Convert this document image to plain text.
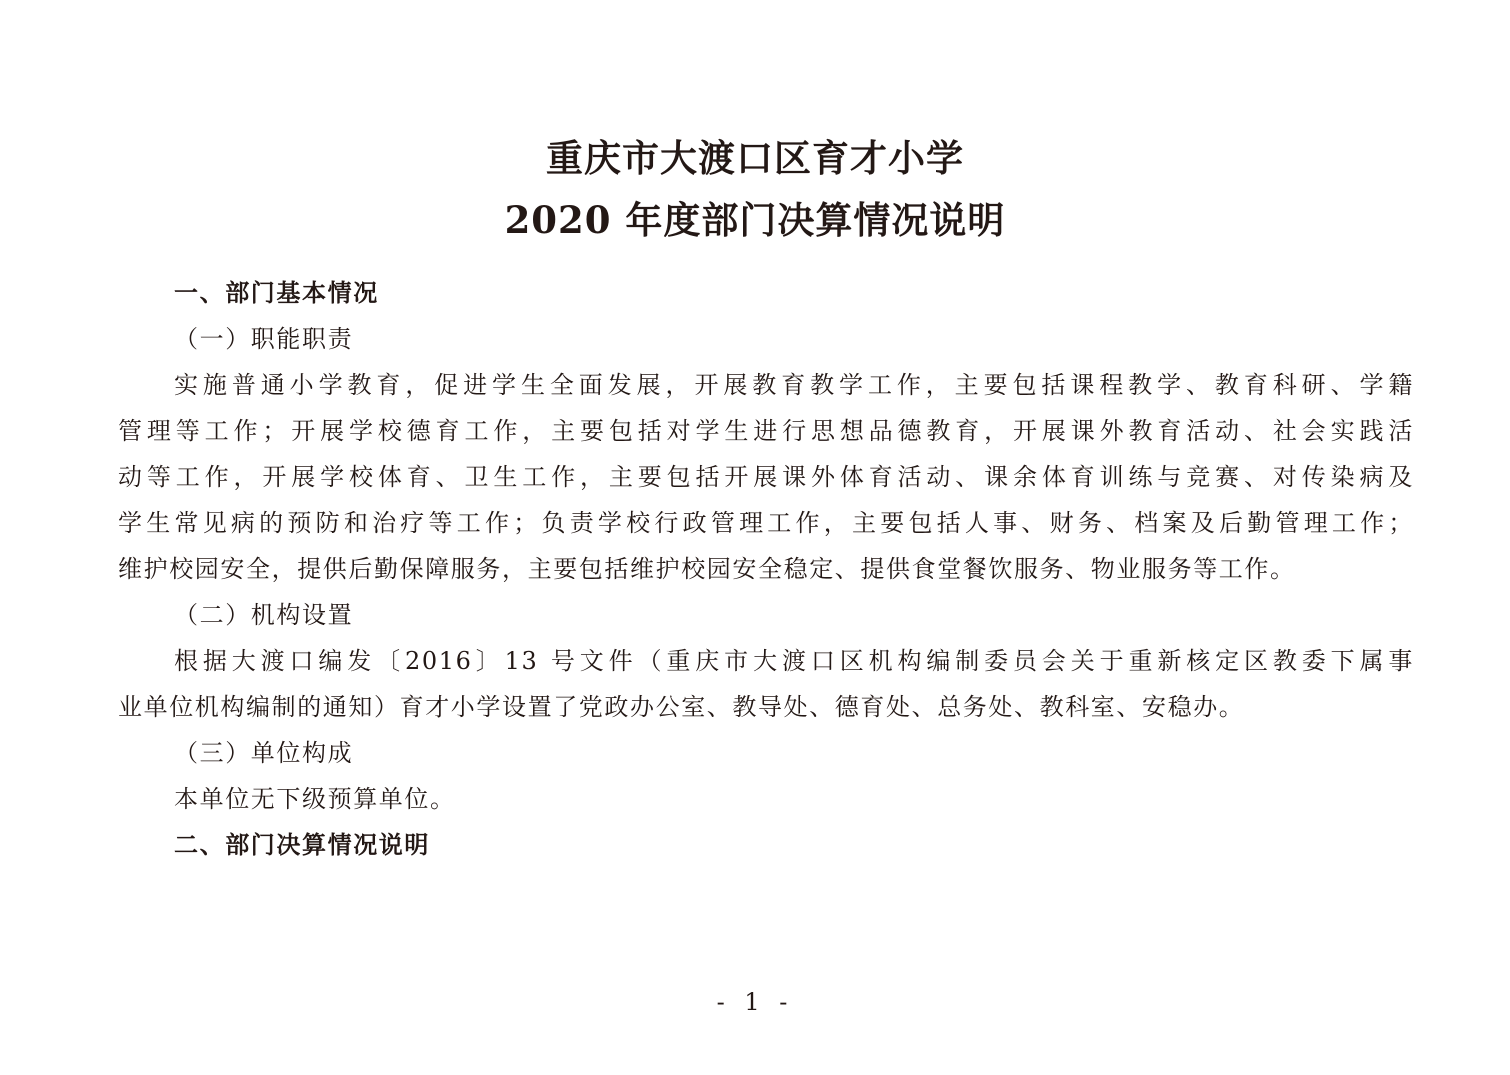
重庆市大渡口区育才小学
2020 年度部门决算情况说明
一、部门基本情况
（一）职能职责
实施普通小学教育，促进学生全面发展，开展教育教学工作，主要包括课程教学、教育科研、学籍
管理等工作；开展学校德育工作，主要包括对学生进行思想品德教育，开展课外教育活动、社会实践活
动等工作，开展学校体育、卫生工作，主要包括开展课外体育活动、课余体育训练与竞赛、对传染病及
学生常见病的预防和治疗等工作；负责学校行政管理工作，主要包括人事、财务、档案及后勤管理工作；
维护校园安全，提供后勤保障服务，主要包括维护校园安全稳定、提供食堂餐饮服务、物业服务等工作。
（二）机构设置
根据大渡口编发〔2016〕13 号文件（重庆市大渡口区机构编制委员会关于重新核定区教委下属事
业单位机构编制的通知）育才小学设置了党政办公室、教导处、德育处、总务处、教科室、安稳办。
（三）单位构成
本单位无下级预算单位。
二、部门决算情况说明
- 1 -
